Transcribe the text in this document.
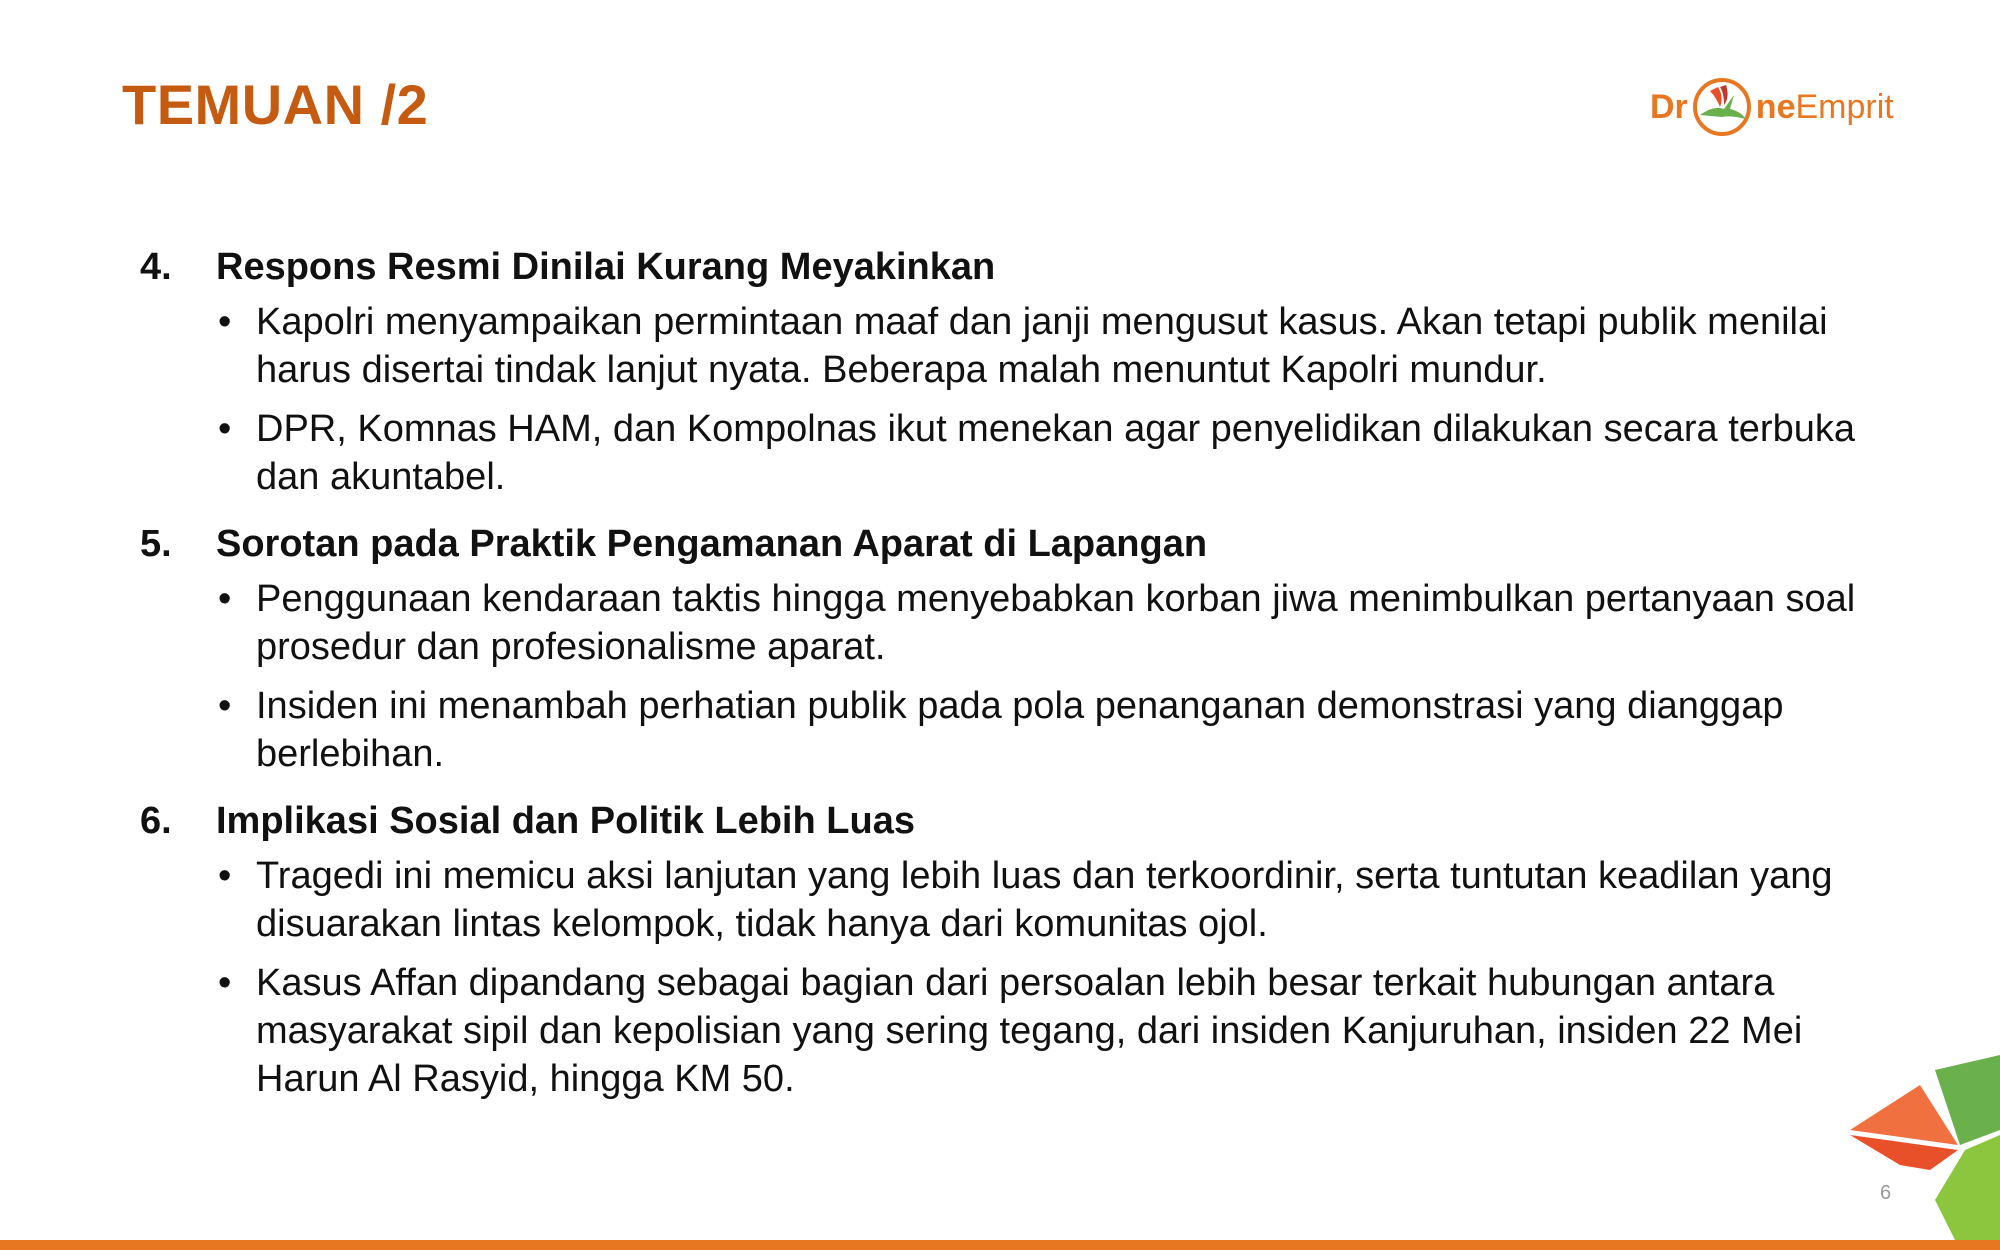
TEMUAN /2	Dr ne Emprit
4.	Respons Resmi Dinilai Kurang Meyakinkan
• Kapolri menyampaikan permintaan maaf dan janji mengusut kasus. Akan tetapi publik menilai harus disertai tindak lanjut nyata. Beberapa malah menuntut Kapolri mundur.
• DPR, Komnas HAM, dan Kompolnas ikut menekan agar penyelidikan dilakukan secara terbuka dan akuntabel.
5.	Sorotan pada Praktik Pengamanan Aparat di Lapangan
• Penggunaan kendaraan taktis hingga menyebabkan korban jiwa menimbulkan pertanyaan soal prosedur dan profesionalisme aparat.
• Insiden ini menambah perhatian publik pada pola penanganan demonstrasi yang dianggap berlebihan.
6.	Implikasi Sosial dan Politik Lebih Luas
• Tragedi ini memicu aksi lanjutan yang lebih luas dan terkoordinir, serta tuntutan keadilan yang disuarakan lintas kelompok, tidak hanya dari komunitas ojol.
• Kasus Affan dipandang sebagai bagian dari persoalan lebih besar terkait hubungan antara masyarakat sipil dan kepolisian yang sering tegang, dari insiden Kanjuruhan, insiden 22 Mei Harun Al Rasyid, hingga KM 50.
6
